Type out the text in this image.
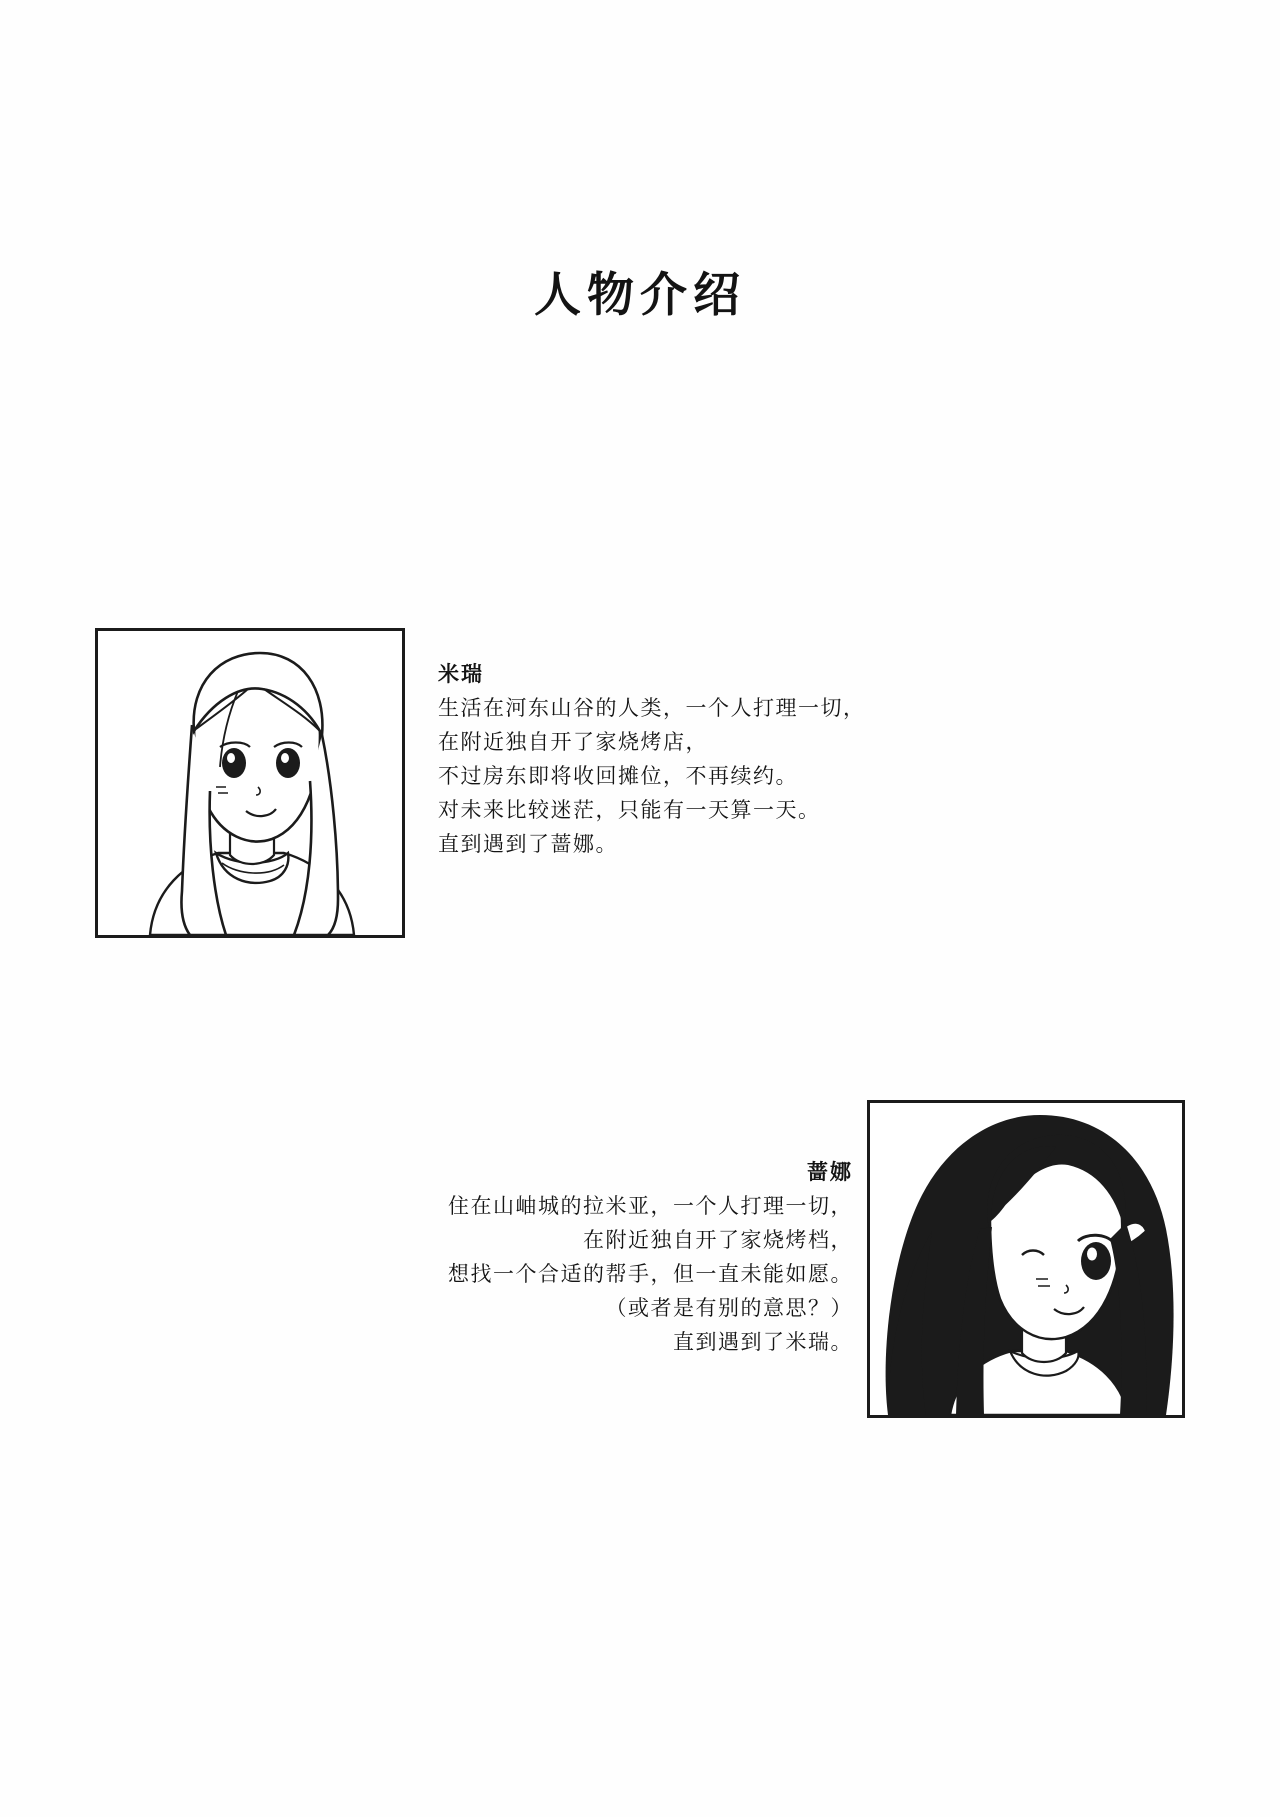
人物介绍
米瑞
生活在河东山谷的人类，一个人打理一切，
在附近独自开了家烧烤店，
不过房东即将收回摊位，不再续约。
对未来比较迷茫，只能有一天算一天。
直到遇到了蔷娜。
蔷娜
住在山岫城的拉米亚，一个人打理一切，
在附近独自开了家烧烤档，
想找一个合适的帮手，但一直未能如愿。
（或者是有别的意思？）
直到遇到了米瑞。
